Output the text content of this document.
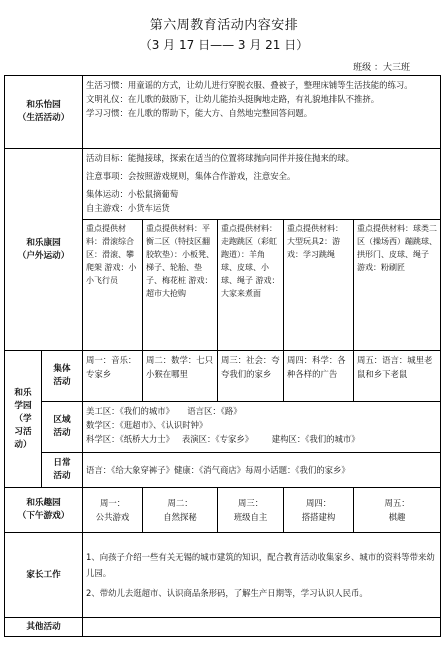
第六周教育活动内容安排
（3 月 17 日—— 3 月 21 日）
班级 ：大三班
和乐怡园
（生活活动）		生活习惯：用童谣的方式，让幼儿进行穿脱衣服、叠被子，整理床铺等生活技能的练习。
文明礼仪：在儿歌的鼓励下，让幼儿能抬头挺胸地走路，有礼貌地排队不推挤。
学习习惯：在儿歌的帮助下，能大方、自然地完整回答问题。				

和乐康园
（户外运动）		活动目标：能抛接球，探索在适当的位置将球抛向同伴并接住抛来的球。
注意事项：会按照游戏规则，集体合作游戏，注意安全。
集体运动：小松鼠摘葡萄
自主游戏：小货车运货				

		重点提供材料：滑滚综合区：滑滚、攀爬架 游戏：小小飞行员	重点提供材料：平衡二区（特技区翻胶软垫）：小板凳、梯子、轮胎、垫子、梅花桩 游戏：超市大抢购	重点提供材料：走跑跳区（彩虹跑道）：羊角球、皮球、小球、绳子 游戏：大家来煮面	重点提供材料：大型玩具2：游戏：学习跳绳	重点提供材料：球类二区（操场西）蹦跳球、拱形门、皮球、绳子 游戏：粉刷匠

和乐
学园
（学
习活
动）	集体
活动	周一：音乐：专家乡	周二：数学：七只小猴在哪里	周三：社会：夸夸我们的家乡	周四：科学：各种各样的广告	周五：语言：城里老鼠和乡下老鼠

	区域
活动	美工区：《我们的城市》     语言区：《路》
数学区：《逛超市》、《认识时钟》
科学区：《纸桥大力士》   表演区：《专家乡》       建构区：《我们的城市》				

	日常
活动	语言：《给大象穿裤子》健康：《消气商店》每周小话题：《我们的家乡》				

和乐趣园
（下午游戏）		周一：
公共游戏	周二：
自然探秘	周三：
班级自主	周四：
搭搭建构	周五：
棋趣

家长工作		1、向孩子介绍一些有关无锡的城市建筑的知识，配合教育活动收集家乡、城市的资料等带来幼儿园。
2、带幼儿去逛超市、认识商品条形码，了解生产日期等，学习认识人民币。				

其他活动						
